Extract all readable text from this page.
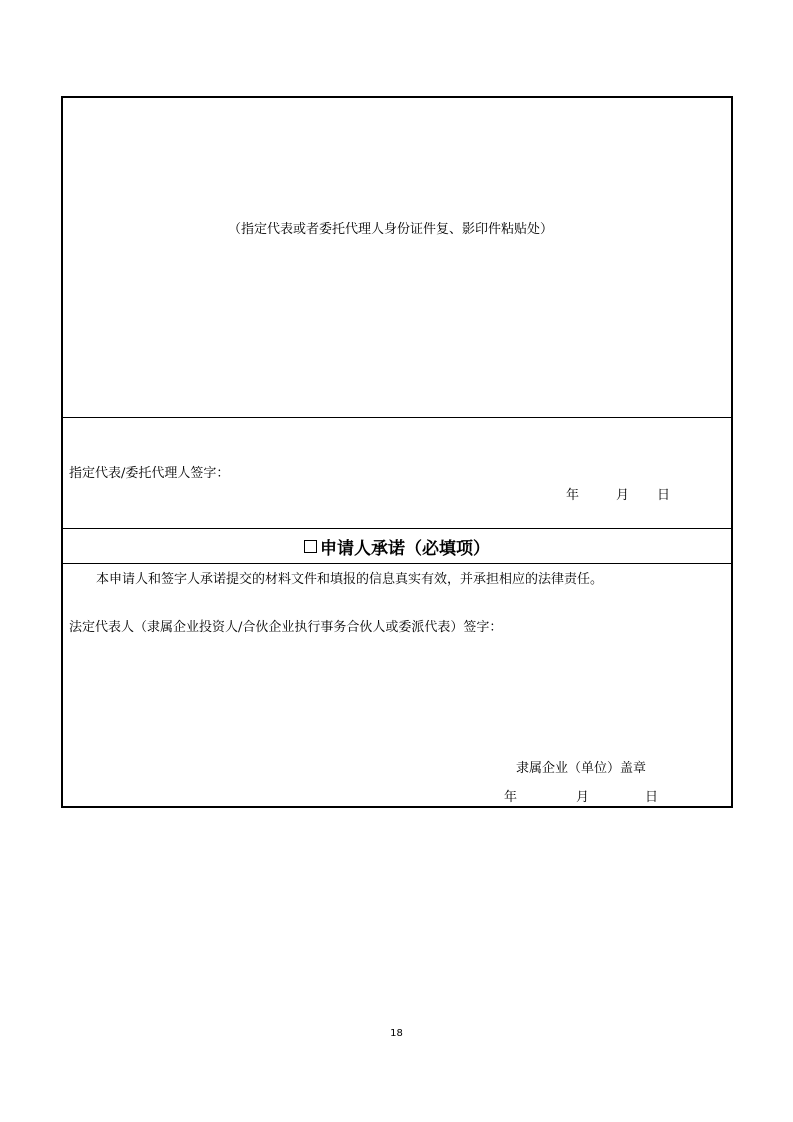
（指定代表或者委托代理人身份证件复、影印件粘贴处）
指定代表/委托代理人签字：
年	月 日
申请人承诺（必填项）
本申请人和签字人承诺提交的材料文件和填报的信息真实有效，并承担相应的法律责任。
法定代表人（隶属企业投资人/合伙企业执行事务合伙人或委派代表）签字：
隶属企业（单位）盖章
年	月	日
18
